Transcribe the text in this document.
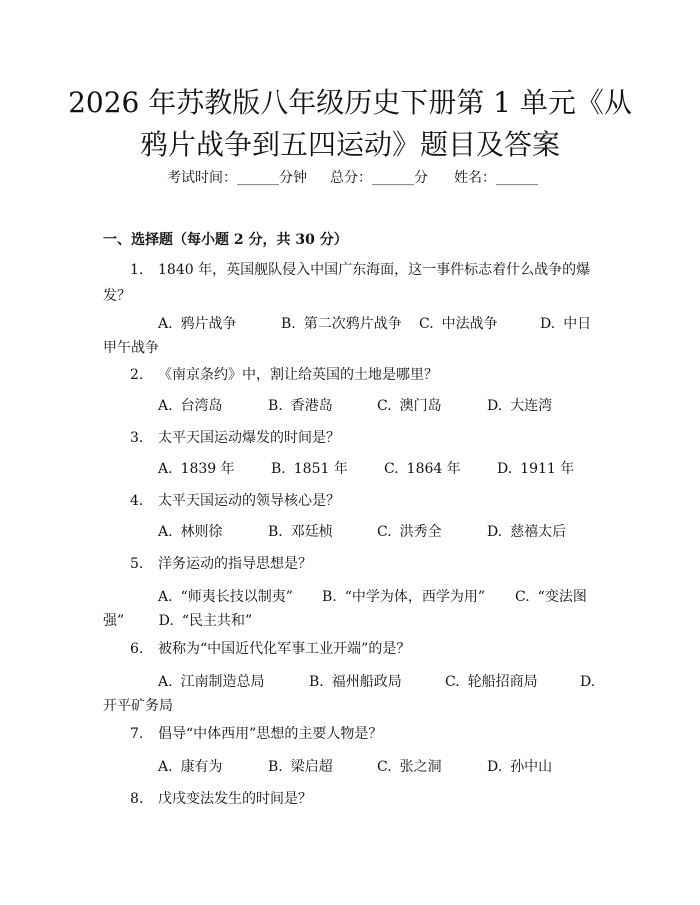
2026 年苏教版八年级历史下册第 1 单元《从
鸦片战争到五四运动》题目及答案
考试时间：______分钟 总分：______分 姓名：______
一、选择题（每小题 2 分，共 30 分）
1. 1840 年，英国舰队侵入中国广东海面，这一事件标志着什么战争的爆
发？
A. 鸦片战争	B. 第二次鸦片战争 C. 中法战争	D. 中日
甲午战争
2. 《南京条约》中，割让给英国的土地是哪里？
A. 台湾岛	B. 香港岛	C. 澳门岛	D. 大连湾
3. 太平天国运动爆发的时间是？
A. 1839 年	B. 1851 年	C. 1864 年	D. 1911 年
4. 太平天国运动的领导核心是？
A. 林则徐	B. 邓廷桢	C. 洪秀全	D. 慈禧太后
5. 洋务运动的指导思想是？
A. “师夷长技以制夷” B. “中学为体，西学为用” C. “变法图
强” D. “民主共和”
6. 被称为“中国近代化军事工业开端”的是？
A. 江南制造总局	B. 福州船政局	C. 轮船招商局	D.
开平矿务局
7. 倡导“中体西用”思想的主要人物是？
A. 康有为	B. 梁启超	C. 张之洞	D. 孙中山
8. 戊戌变法发生的时间是？
